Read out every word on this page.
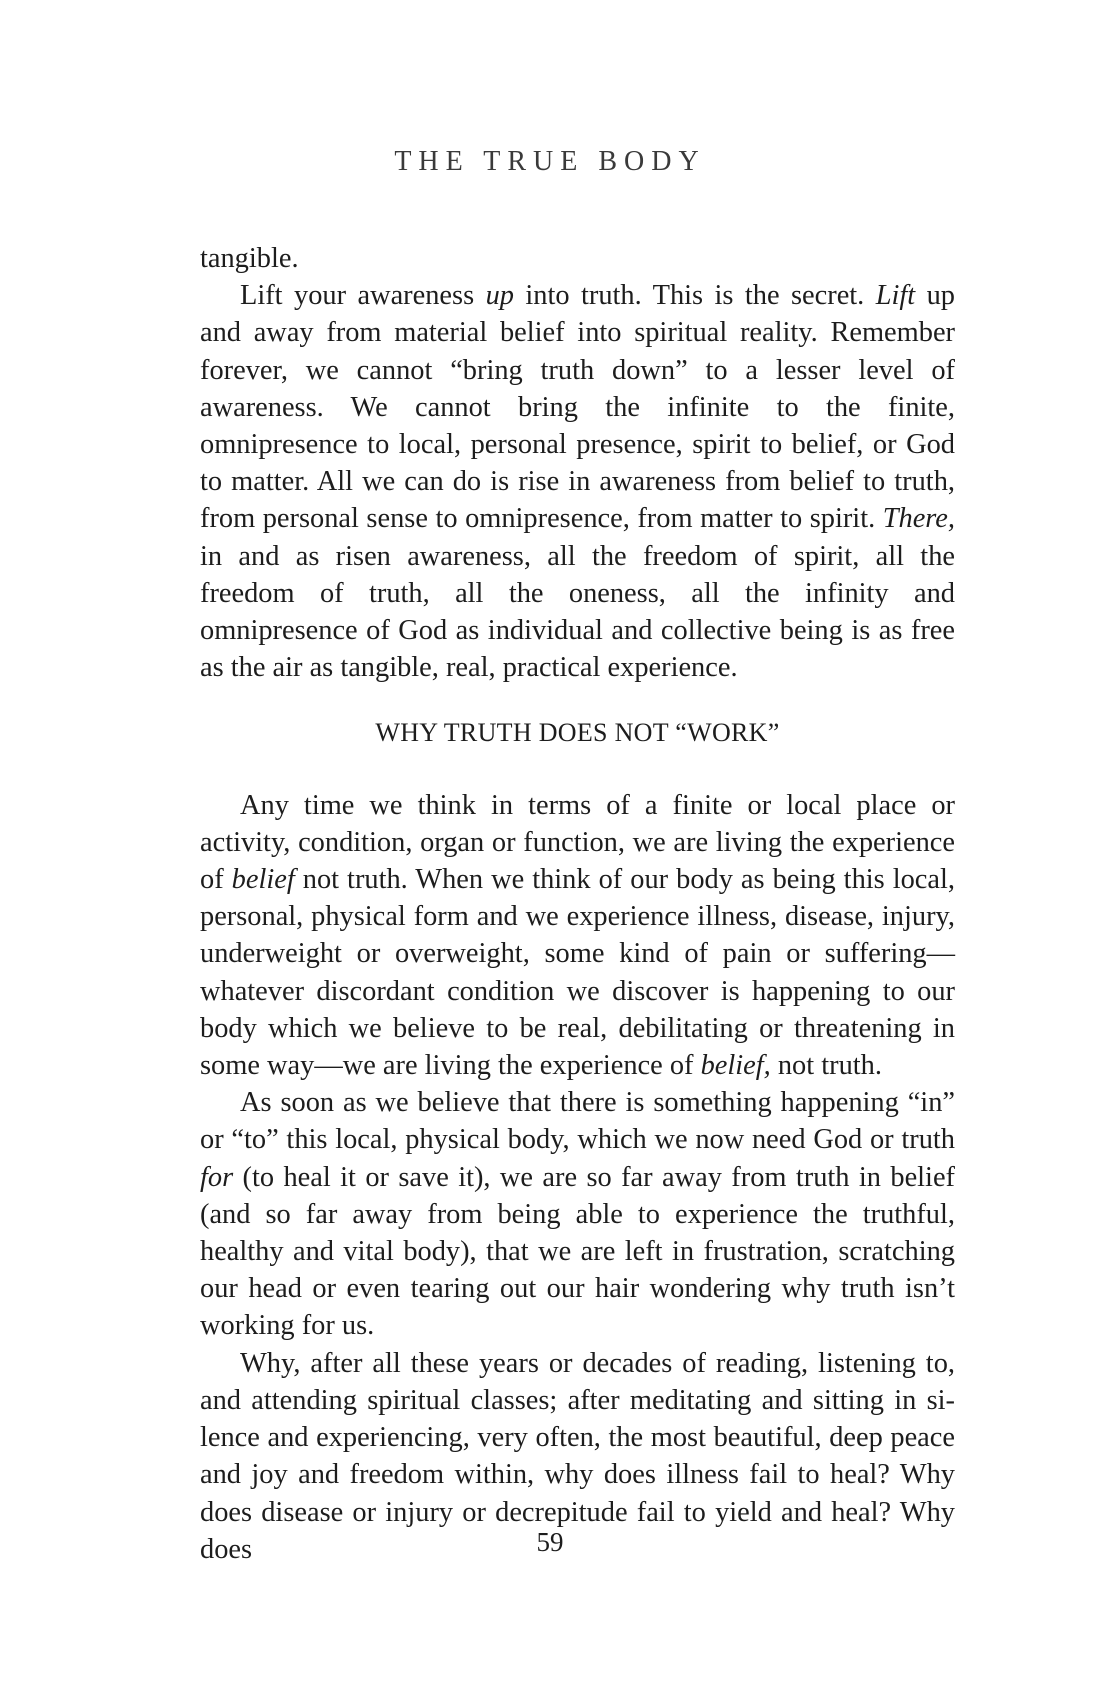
THE TRUE BODY

tangible.

Lift your awareness up into truth. This is the secret. Lift up and away from material belief into spiritual reality. Remember forever, we cannot “bring truth down” to a lesser level of awareness. We cannot bring the infinite to the finite, omnipresence to local, personal presence, spirit to belief, or God to matter. All we can do is rise in awareness from belief to truth, from personal sense to omnipresence, from matter to spirit. There, in and as risen awareness, all the freedom of spirit, all the freedom of truth, all the oneness, all the infinity and omnipresence of God as individual and collective being is as free as the air as tangible, real, practical experience.

WHY TRUTH DOES NOT “WORK”

Any time we think in terms of a finite or local place or activity, condition, organ or function, we are living the experience of belief not truth. When we think of our body as being this local, personal, physical form and we experience illness, disease, injury, underweight or overweight, some kind of pain or suffering—whatever discordant condition we discover is happening to our body which we believe to be real, debilitating or threatening in some way—we are living the experience of belief, not truth.

As soon as we believe that there is something happening “in” or “to” this local, physical body, which we now need God or truth for (to heal it or save it), we are so far away from truth in belief (and so far away from being able to experience the truthful, healthy and vital body), that we are left in frustration, scratching our head or even tearing out our hair wondering why truth isn’t working for us.

Why, after all these years or decades of reading, listening to, and attending spiritual classes; after meditating and sitting in silence and experiencing, very often, the most beautiful, deep peace and joy and freedom within, why does illness fail to heal? Why does disease or injury or decrepitude fail to yield and heal? Why does	59
